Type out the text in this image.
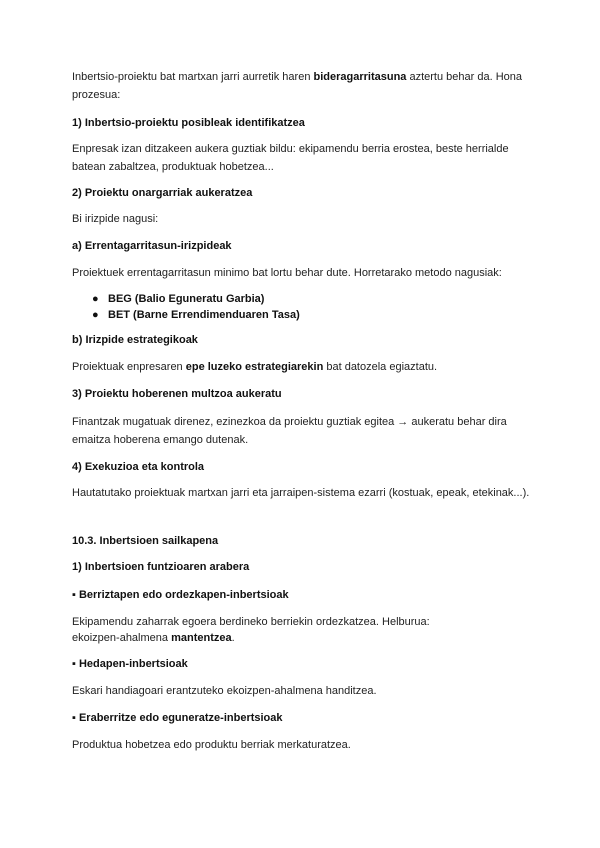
Inbertsio-proiektu bat martxan jarri aurretik haren bideragarritasuna aztertu behar da. Hona prozesua:
1) Inbertsio-proiektu posibleak identifikatzea
Enpresak izan ditzakeen aukera guztiak bildu: ekipamendu berria erostea, beste herrialde batean zabaltzea, produktuak hobetzea...
2) Proiektu onargarriak aukeratzea
Bi irizpide nagusi:
a) Errentagarritasun-irizpideak
Proiektuek errentagarritasun minimo bat lortu behar dute. Horretarako metodo nagusiak:
● BEG (Balio Eguneratu Garbia)
● BET (Barne Errendimenduaren Tasa)
b) Irizpide estrategikoak
Proiektuak enpresaren epe luzeko estrategiarekin bat datozela egiaztatu.
3) Proiektu hoberenen multzoa aukeratu
Finantzak mugatuak direnez, ezinezkoa da proiektu guztiak egitea → aukeratu behar dira emaitza hoberena emango dutenak.
4) Exekuzioa eta kontrola
Hautatutako proiektuak martxan jarri eta jarraipen-sistema ezarri (kostuak, epeak, etekinak...).
10.3. Inbertsioen sailkapena
1) Inbertsioen funtzioaren arabera
▪ Berriztapen edo ordezkapen-inbertsioak
Ekipamendu zaharrak egoera berdineko berriekin ordezkatzea. Helburua:
ekoizpen-ahalmena mantentzea.
▪ Hedapen-inbertsioak
Eskari handiagoari erantzuteko ekoizpen-ahalmena handitzea.
▪ Eraberritze edo eguneratze-inbertsioak
Produktua hobetzea edo produktu berriak merkaturatzea.
